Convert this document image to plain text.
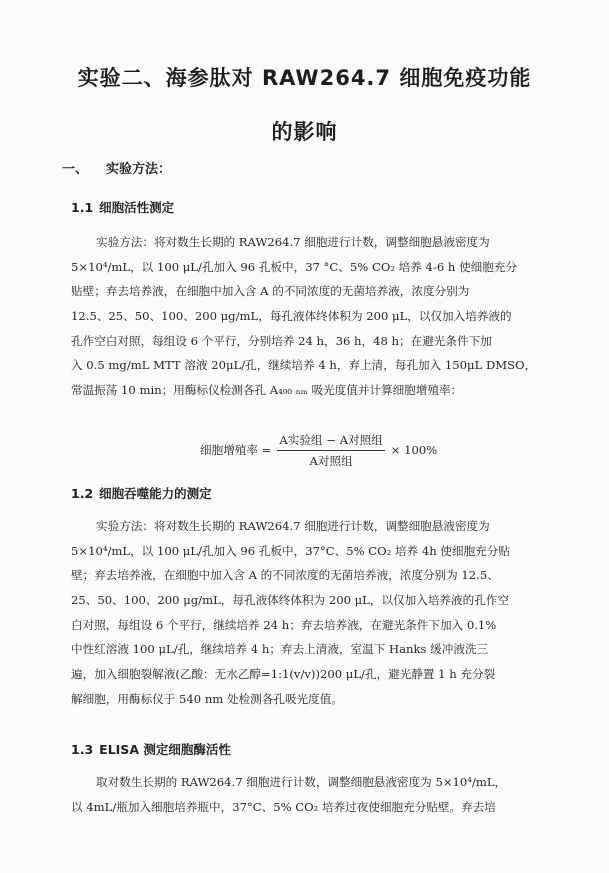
实验二、海参肽对 RAW264.7 细胞免疫功能
的影响
一、 实验方法：
1.1 细胞活性测定
实验方法：将对数生长期的 RAW264.7 细胞进行计数，调整细胞悬液密度为
5×10⁴/mL，以 100 μL/孔加入 96 孔板中，37 °C、5% CO₂ 培养 4-6 h 使细胞充分
贴壁；弃去培养液，在细胞中加入含 A 的不同浓度的无菌培养液，浓度分别为
12.5、25、50、100、200 μg/mL，每孔液体终体积为 200 μL，以仅加入培养液的
孔作空白对照，每组设 6 个平行，分别培养 24 h，36 h，48 h；在避光条件下加
入 0.5 mg/mL MTT 溶液 20μL/孔，继续培养 4 h，弃上清，每孔加入 150μL DMSO，
常温振荡 10 min；用酶标仪检测各孔 A₄₉₀ ₙₘ 吸光度值并计算细胞增殖率：
细胞增殖率 = $\frac{\text{A实验组 − A对照组}}{\text{A对照组}} \times 100\%$
1.2 细胞吞噬能力的测定
实验方法：将对数生长期的 RAW264.7 细胞进行计数，调整细胞悬液密度为
5×10⁴/mL，以 100 μL/孔加入 96 孔板中，37°C、5% CO₂ 培养 4h 使细胞充分贴
壁；弃去培养液，在细胞中加入含 A 的不同浓度的无菌培养液，浓度分别为 12.5、
25、50、100、200 μg/mL，每孔液体终体积为 200 μL，以仅加入培养液的孔作空
白对照，每组设 6 个平行，继续培养 24 h；弃去培养液，在避光条件下加入 0.1%
中性红溶液 100 μL/孔，继续培养 4 h；弃去上清液，室温下 Hanks 缓冲液洗三
遍，加入细胞裂解液(乙酸：无水乙醇=1:1(v/v))200 μL/孔，避光静置 1 h 充分裂
解细胞，用酶标仪于 540 nm 处检测各孔吸光度值。
1.3 ELISA 测定细胞酶活性
取对数生长期的 RAW264.7 细胞进行计数，调整细胞悬液密度为 5×10⁴/mL，
以 4mL/瓶加入细胞培养瓶中，37°C、5% CO₂ 培养过夜使细胞充分贴壁。弃去培
